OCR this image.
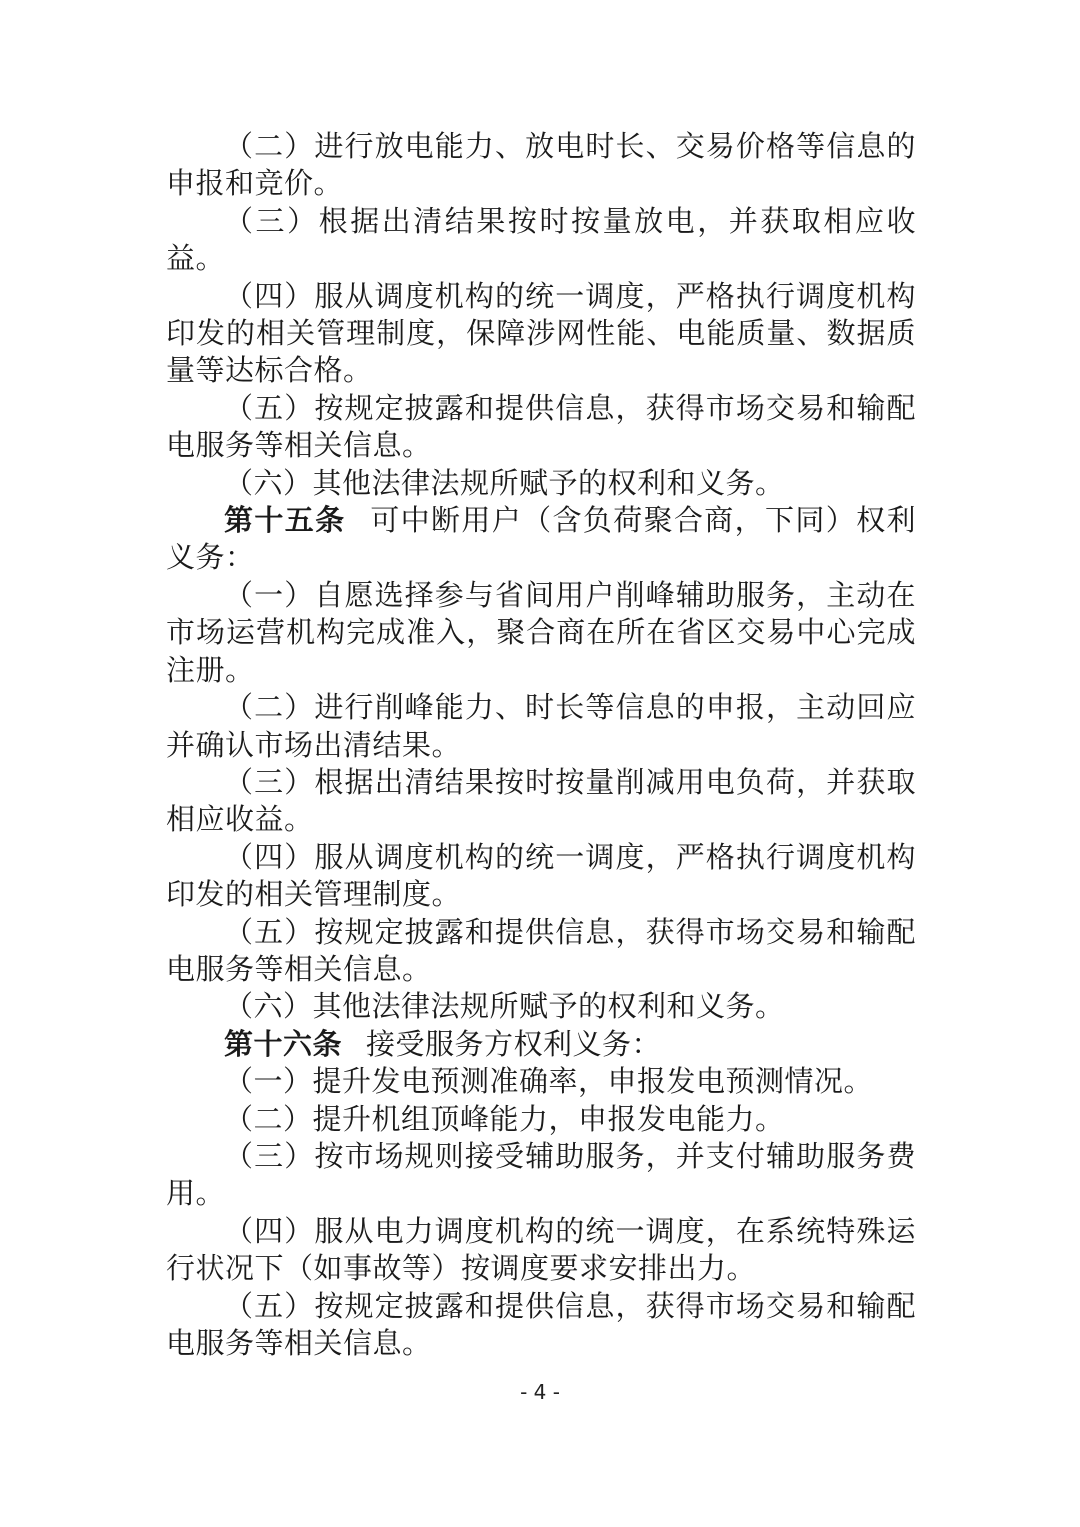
（二）进行放电能力、放电时长、交易价格等信息的申报和竞价。

（三）根据出清结果按时按量放电，并获取相应收益。

（四）服从调度机构的统一调度，严格执行调度机构印发的相关管理制度，保障涉网性能、电能质量、数据质量等达标合格。

（五）按规定披露和提供信息，获得市场交易和输配电服务等相关信息。

（六）其他法律法规所赋予的权利和义务。

第十五条 可中断用户（含负荷聚合商，下同）权利义务：

（一）自愿选择参与省间用户削峰辅助服务，主动在市场运营机构完成准入，聚合商在所在省区交易中心完成注册。

（二）进行削峰能力、时长等信息的申报，主动回应并确认市场出清结果。

（三）根据出清结果按时按量削减用电负荷，并获取相应收益。

（四）服从调度机构的统一调度，严格执行调度机构印发的相关管理制度。

（五）按规定披露和提供信息，获得市场交易和输配电服务等相关信息。

（六）其他法律法规所赋予的权利和义务。

第十六条 接受服务方权利义务：

（一）提升发电预测准确率，申报发电预测情况。

（二）提升机组顶峰能力，申报发电能力。

（三）按市场规则接受辅助服务，并支付辅助服务费用。

（四）服从电力调度机构的统一调度，在系统特殊运行状况下（如事故等）按调度要求安排出力。

（五）按规定披露和提供信息，获得市场交易和输配电服务等相关信息。

- 4 -
